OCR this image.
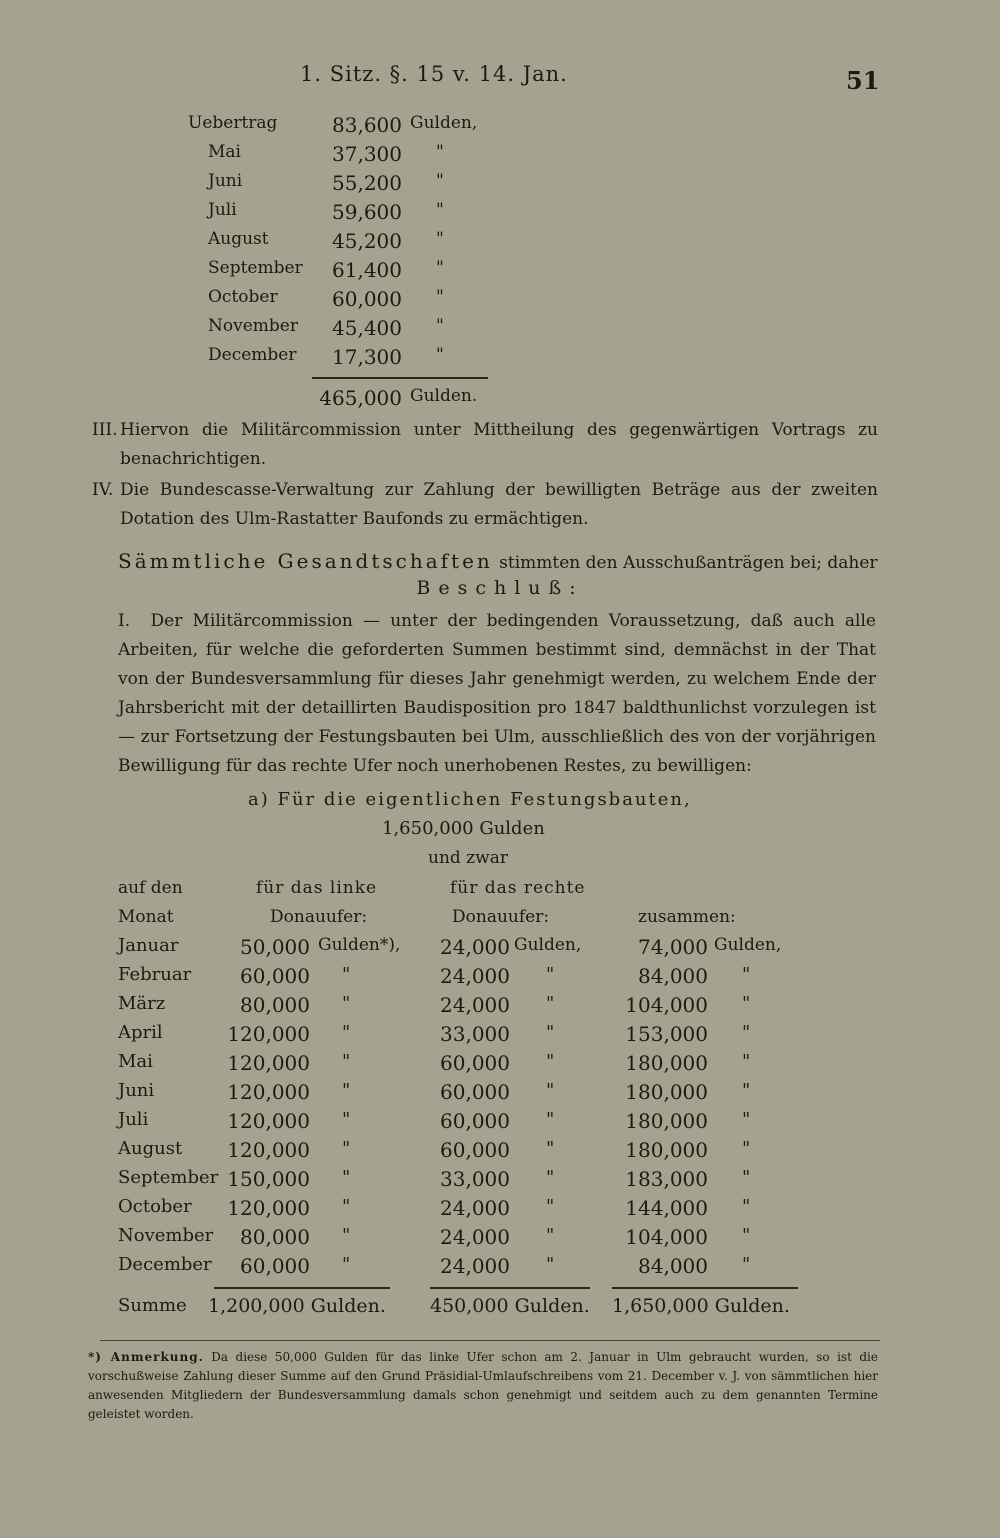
1. Sitz. §. 15 v. 14. Jan.	51
Uebertrag	83,600 Gulden,
Mai	37,300 "
Juni	55,200 "
Juli	59,600 "
August	45,200 "
September	61,400 "
October	60,000 "
November	45,400 "
December	17,300 "
465,000 Gulden.
III. Hiervon die Militärcommission unter Mittheilung des gegenwärtigen Vortrags zu benachrichtigen.
IV. Die Bundescasse-Verwaltung zur Zahlung der bewilligten Beträge aus der zweiten Dotation des Ulm-Rastatter Baufonds zu ermächtigen.
Sämmtliche Gesandtschaften stimmten den Ausschußanträgen bei; daher
Beschluß:
I. Der Militärcommission — unter der bedingenden Voraussetzung, daß auch alle Arbeiten, für welche die geforderten Summen bestimmt sind, demnächst in der That von der Bundesversammlung für dieses Jahr genehmigt werden, zu welchem Ende der Jahrsbericht mit der detaillirten Baudisposition pro 1847 baldthunlichst vorzulegen ist — zur Fortsetzung der Festungsbauten bei Ulm, ausschließlich des von der vorjährigen Bewilligung für das rechte Ufer noch unerhobenen Restes, zu bewilligen:
a) Für die eigentlichen Festungsbauten,
1,650,000 Gulden
und zwar
auf den	für das linke	für das rechte
Monat	Donauufer:	Donauufer:	zusammen:
Januar	50,000 Gulden*),	24,000 Gulden,	74,000 Gulden,
Februar	60,000 "	24,000 "	84,000 "
März	80,000 "	24,000 "	104,000 "
April	120,000 "	33,000 "	153,000 "
Mai	120,000 "	60,000 "	180,000 "
Juni	120,000 "	60,000 "	180,000 "
Juli	120,000 "	60,000 "	180,000 "
August	120,000 "	60,000 "	180,000 "
September 150,000 "	33,000 "	183,000 "
October	120,000 "	24,000 "	144,000 "
November	80,000 "	24,000 "	104,000 "
December	60,000 "	24,000 "	84,000 "
Summe 1,200,000 Gulden. 450,000 Gulden. 1,650,000 Gulden.
*) Anmerkung. Da diese 50,000 Gulden für das linke Ufer schon am 2. Januar in Ulm gebraucht wurden, so ist die vorschußweise Zahlung dieser Summe auf den Grund Präsidial-Umlaufschreibens vom 21. December v. J. von sämmtlichen hier anwesenden Mitgliedern der Bundesversammlung damals schon genehmigt und seitdem auch zu dem genannten Termine geleistet worden.
